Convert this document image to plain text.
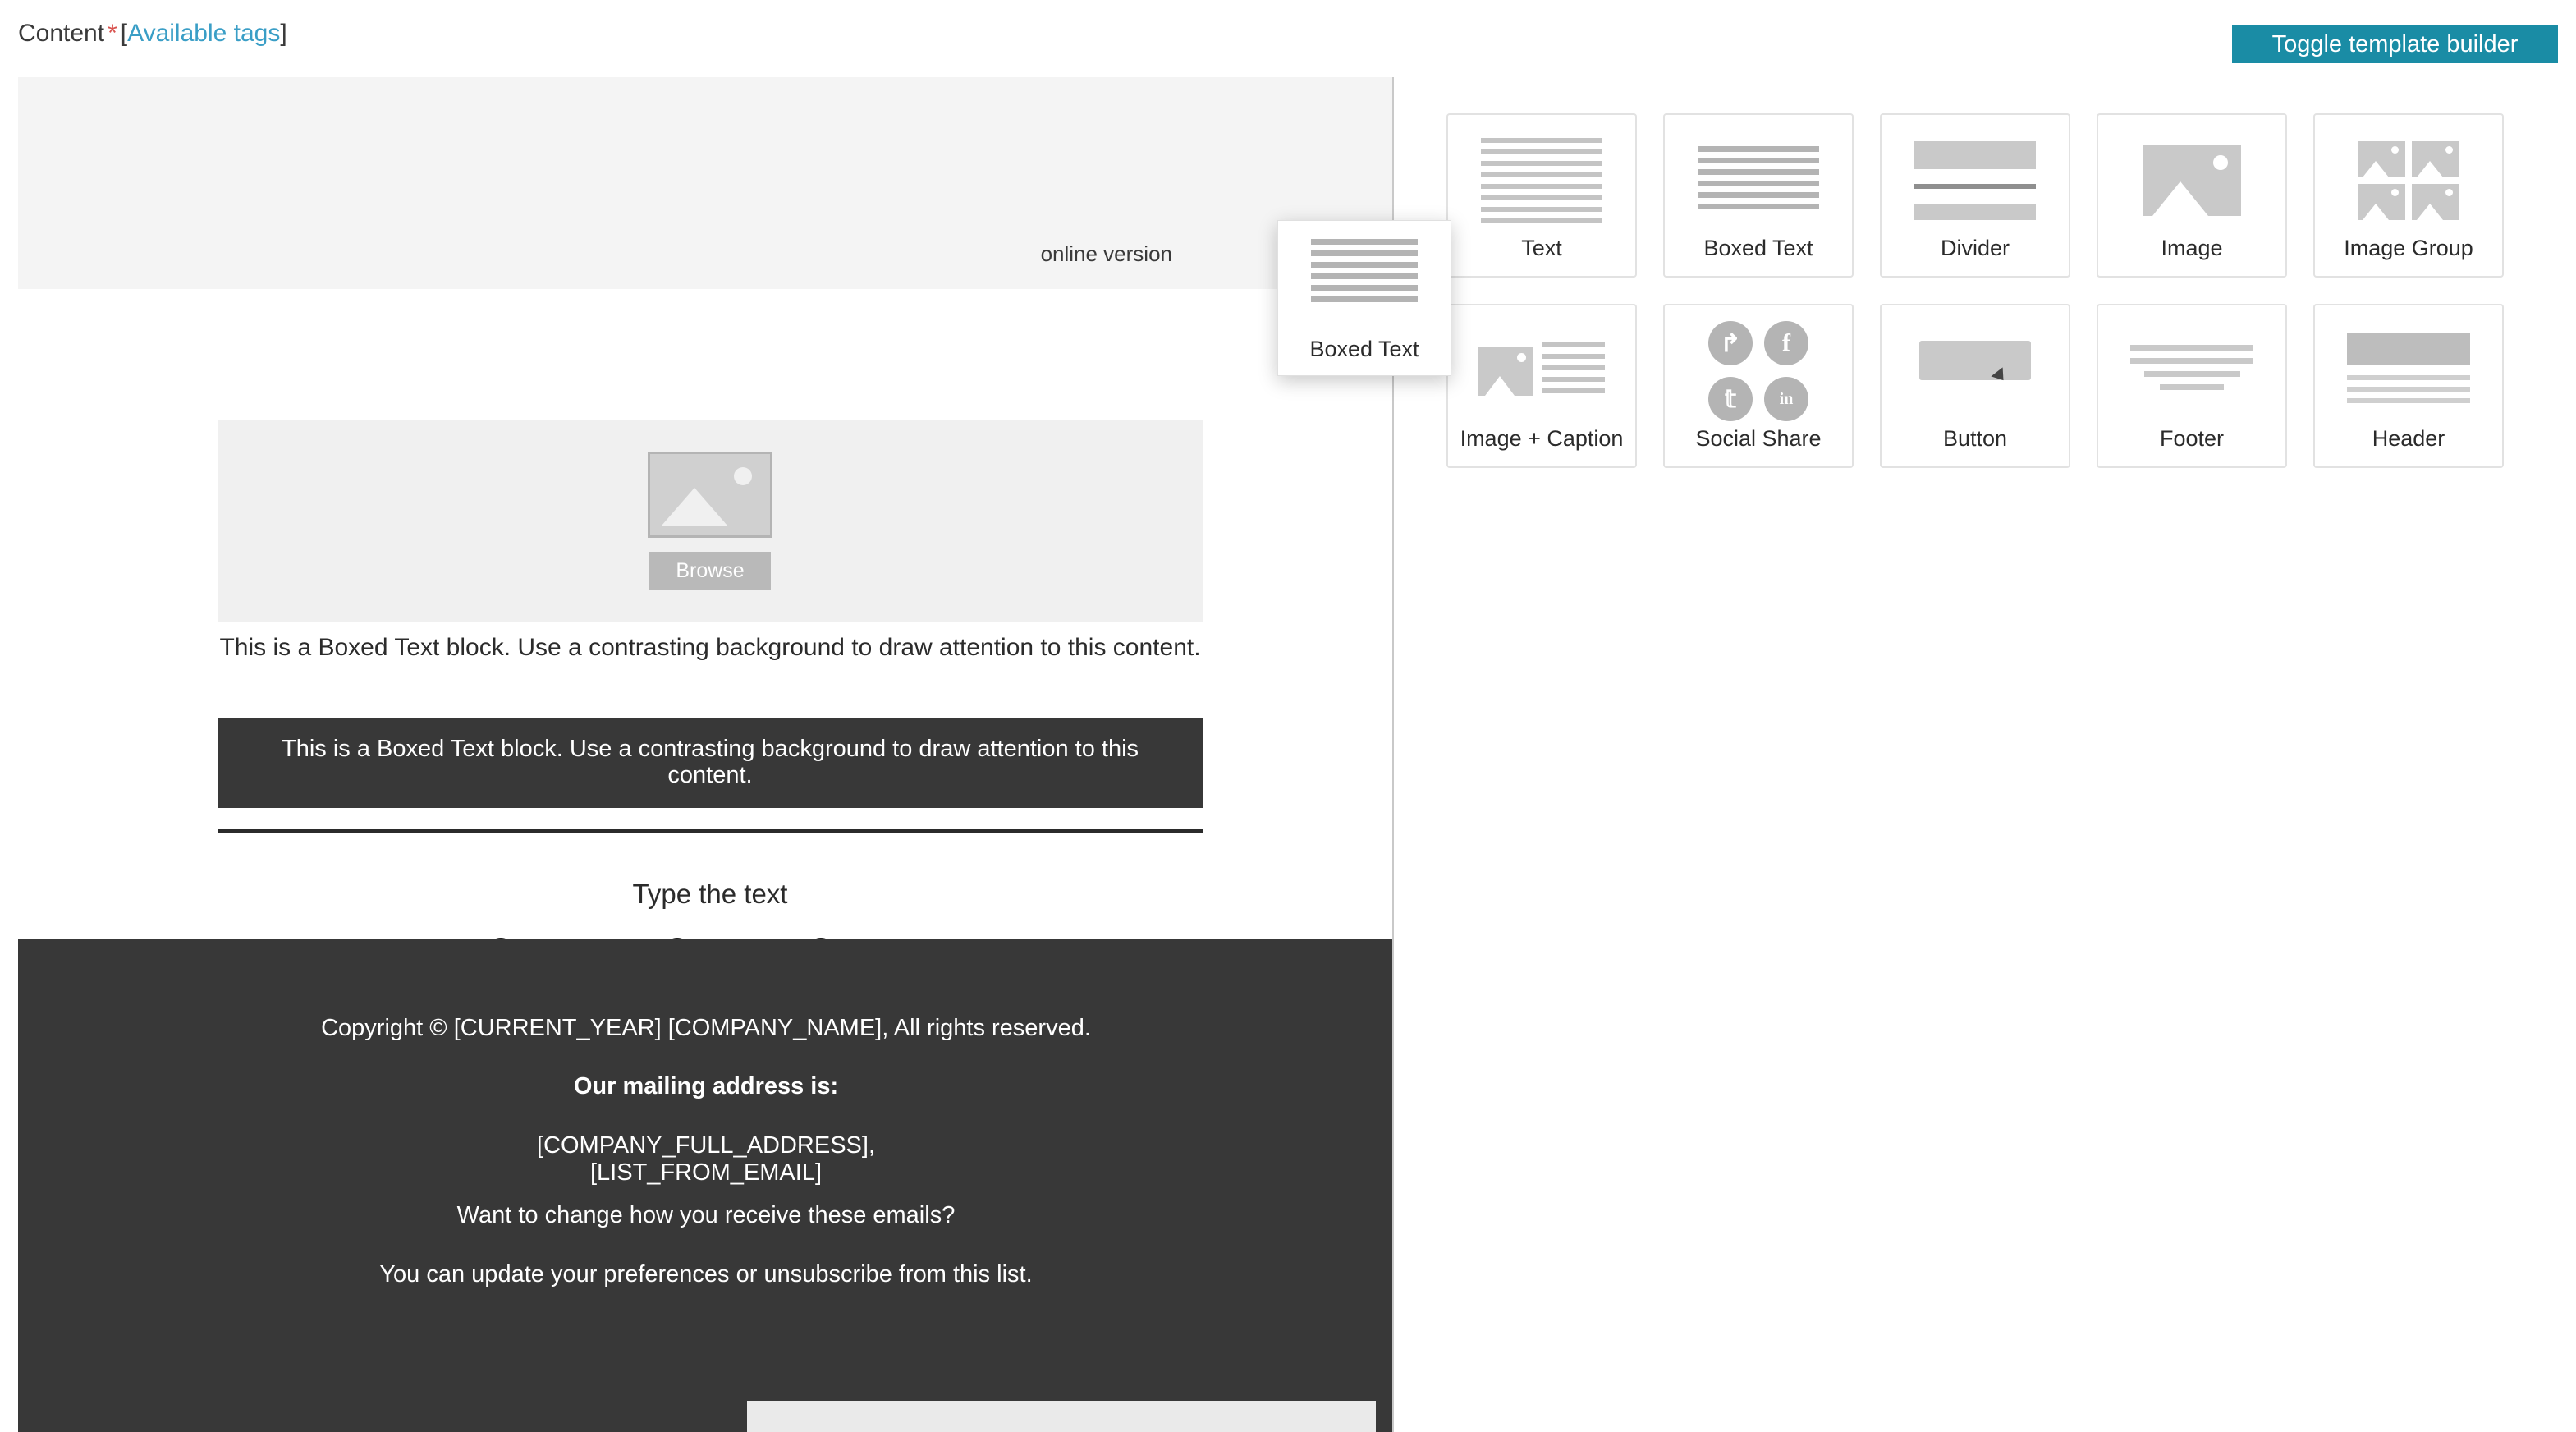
Content * [Available tags]	Toggle template builder
online version
Browse
This is a Boxed Text block. Use a contrasting background to draw attention to this content.
This is a Boxed Text block. Use a contrasting background to draw attention to this content.
Type the text

Copyright © [CURRENT_YEAR] [COMPANY_NAME], All rights reserved.

Our mailing address is:

[COMPANY_FULL_ADDRESS],
[LIST_FROM_EMAIL]

Want to change how you receive these emails?

You can update your preferences or unsubscribe from this list.

Text	Boxed Text	Divider	Image	Image Group
Image + Caption
↱	f
𝕥	in
Social Share	Button	Footer	Header
Boxed Text
